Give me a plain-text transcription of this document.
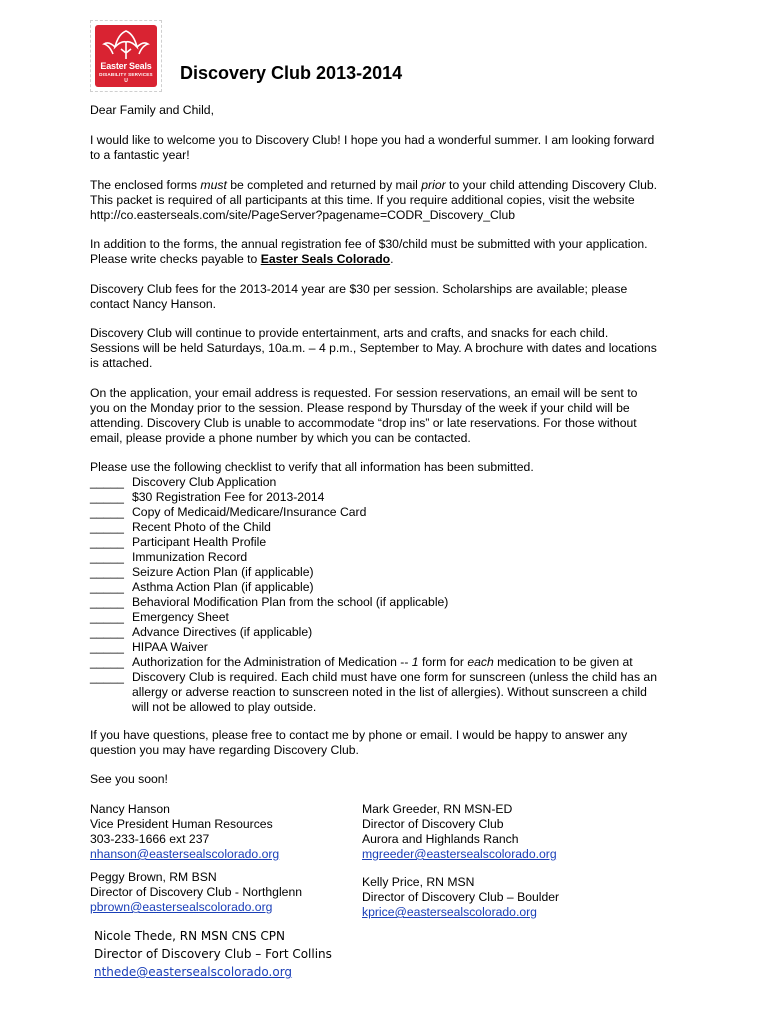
Easter Seals
DISABILITY SERVICES
U	Discovery Club 2013-2014
Dear Family and Child,
I would like to welcome you to Discovery Club! I hope you had a wonderful summer. I am looking forward
to a fantastic year!
The enclosed forms must be completed and returned by mail prior to your child attending Discovery Club.
This packet is required of all participants at this time. If you require additional copies, visit the website
http://co.easterseals.com/site/PageServer?pagename=CODR_Discovery_Club
In addition to the forms, the annual registration fee of $30/child must be submitted with your application.
Please write checks payable to Easter Seals Colorado.
Discovery Club fees for the 2013-2014 year are $30 per session. Scholarships are available; please
contact Nancy Hanson.
Discovery Club will continue to provide entertainment, arts and crafts, and snacks for each child.
Sessions will be held Saturdays, 10a.m. – 4 p.m., September to May. A brochure with dates and locations
is attached.
On the application, your email address is requested. For session reservations, an email will be sent to
you on the Monday prior to the session. Please respond by Thursday of the week if your child will be
attending. Discovery Club is unable to accommodate “drop ins” or late reservations. For those without
email, please provide a phone number by which you can be contacted.
Please use the following checklist to verify that all information has been submitted.
_____ Discovery Club Application
_____ $30 Registration Fee for 2013-2014
_____ Copy of Medicaid/Medicare/Insurance Card
_____ Recent Photo of the Child
_____ Participant Health Profile
_____ Immunization Record
_____ Seizure Action Plan (if applicable)
_____ Asthma Action Plan (if applicable)
_____ Behavioral Modification Plan from the school (if applicable)
_____ Emergency Sheet
_____ Advance Directives (if applicable)
_____ HIPAA Waiver
_____ Authorization for the Administration of Medication -- 1 form for each medication to be given at
_____ Discovery Club is required. Each child must have one form for sunscreen (unless the child has an
allergy or adverse reaction to sunscreen noted in the list of allergies). Without sunscreen a child
will not be allowed to play outside.
If you have questions, please free to contact me by phone or email. I would be happy to answer any
question you may have regarding Discovery Club.
See you soon!
Nancy Hanson
Vice President Human Resources
303-233-1666 ext 237
nhanson@eastersealscolorado.org
Mark Greeder, RN MSN-ED
Director of Discovery Club
Aurora and Highlands Ranch
mgreeder@eastersealscolorado.org
Peggy Brown, RM BSN
Director of Discovery Club - Northglenn
pbrown@eastersealscolorado.org
Kelly Price, RN MSN
Director of Discovery Club – Boulder
kprice@eastersealscolorado.org
Nicole Thede, RN MSN CNS CPN
Director of Discovery Club – Fort Collins
nthede@eastersealscolorado.org
